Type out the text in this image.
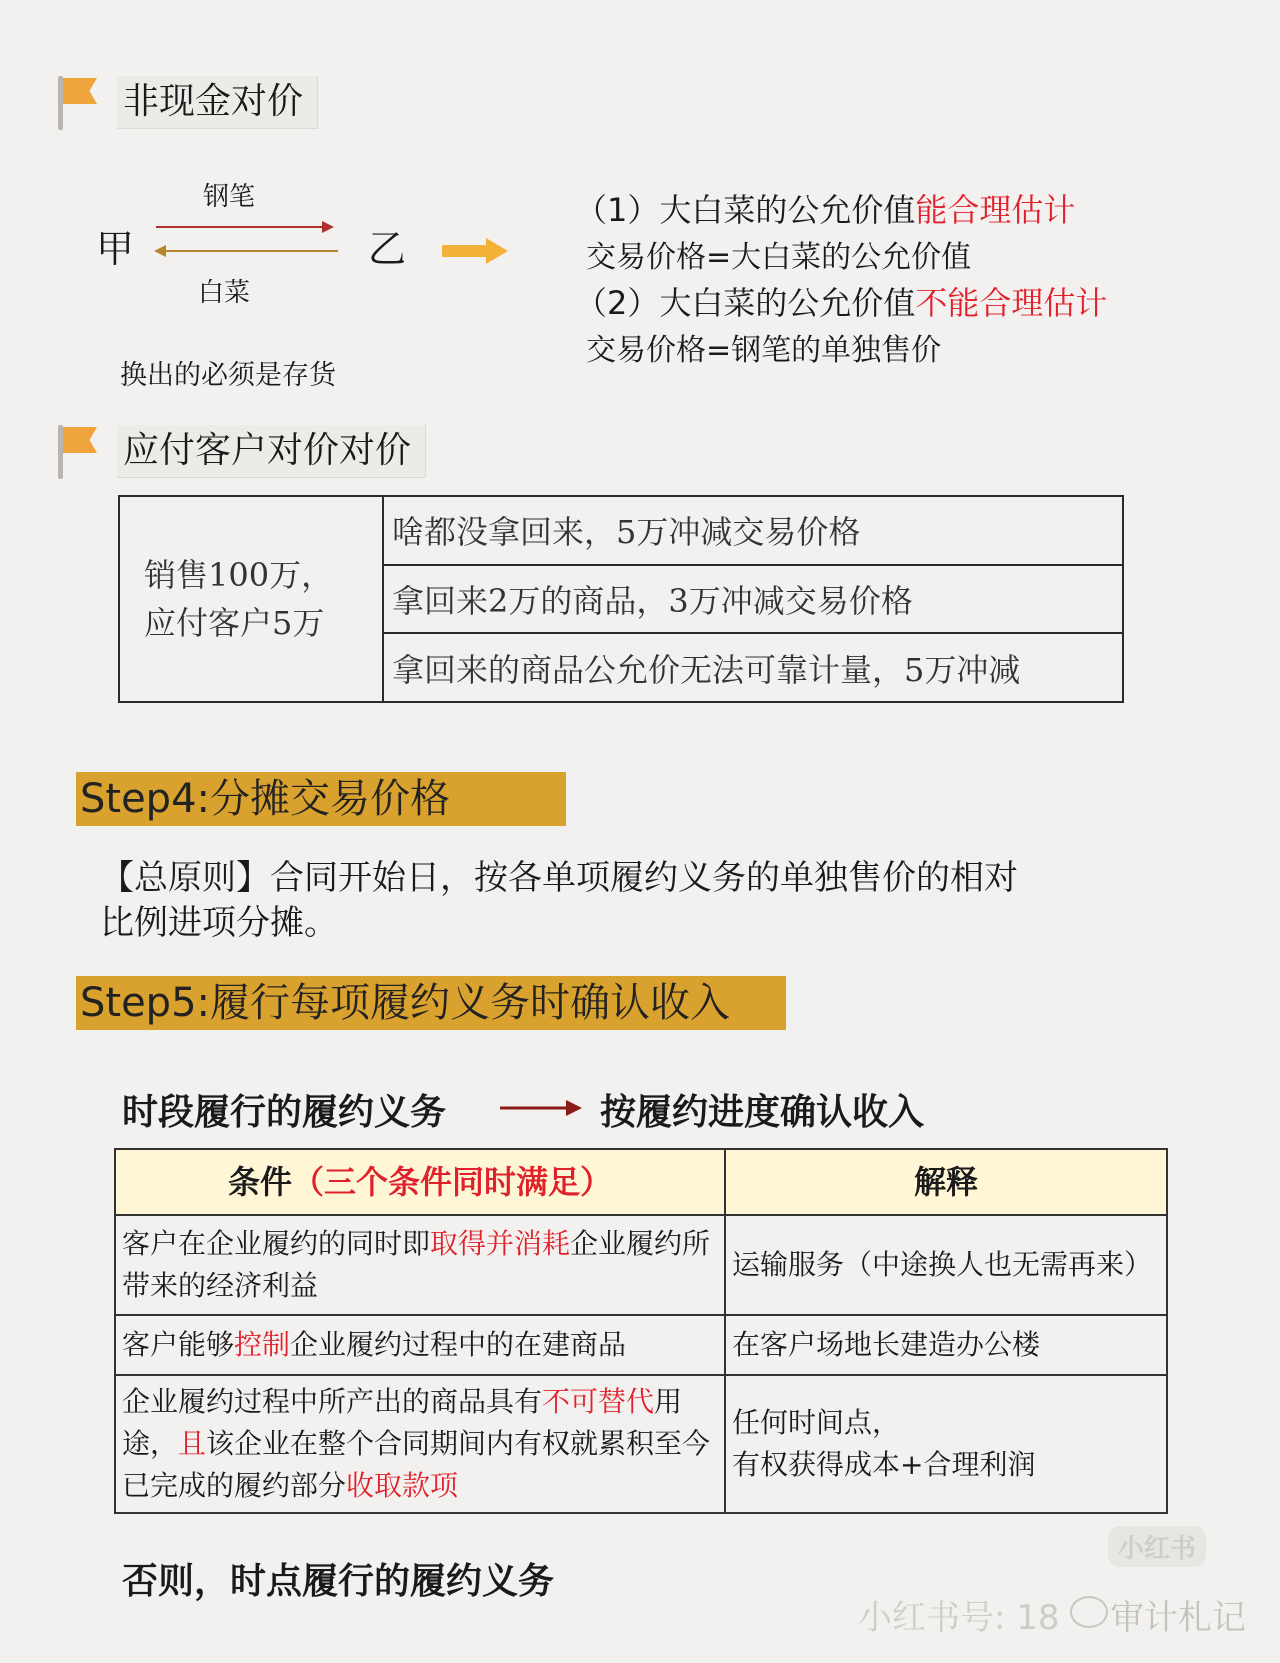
非现金对价
钢笔
甲	乙
白菜
（1）大白菜的公允价值能合理估计
交易价格=大白菜的公允价值
（2）大白菜的公允价值不能合理估计
交易价格=钢笔的单独售价
换出的必须是存货
应付客户对价对价
销售100万，
应付客户5万
	啥都没拿回来，5万冲减交易价格
拿回来2万的商品，3万冲减交易价格
拿回来的商品公允价无法可靠计量，5万冲减
Step4:分摊交易价格
【总原则】合同开始日，按各单项履约义务的单独售价的相对
比例进项分摊。
Step5:履行每项履约义务时确认收入
时段履行的履约义务	按履约进度确认收入
条件（三个条件同时满足）	解释
客户在企业履约的同时即取得并消耗企业履约所带来的经济利益	运输服务（中途换人也无需再来）
客户能够控制企业履约过程中的在建商品	在客户场地长建造办公楼
企业履约过程中所产出的商品具有不可替代用途，且该企业在整个合同期间内有权就累积至今已完成的履约部分收取款项	任何时间点，
有权获得成本+合理利润
否则，时点履行的履约义务
小红书
小红书号: 18 审计札记
